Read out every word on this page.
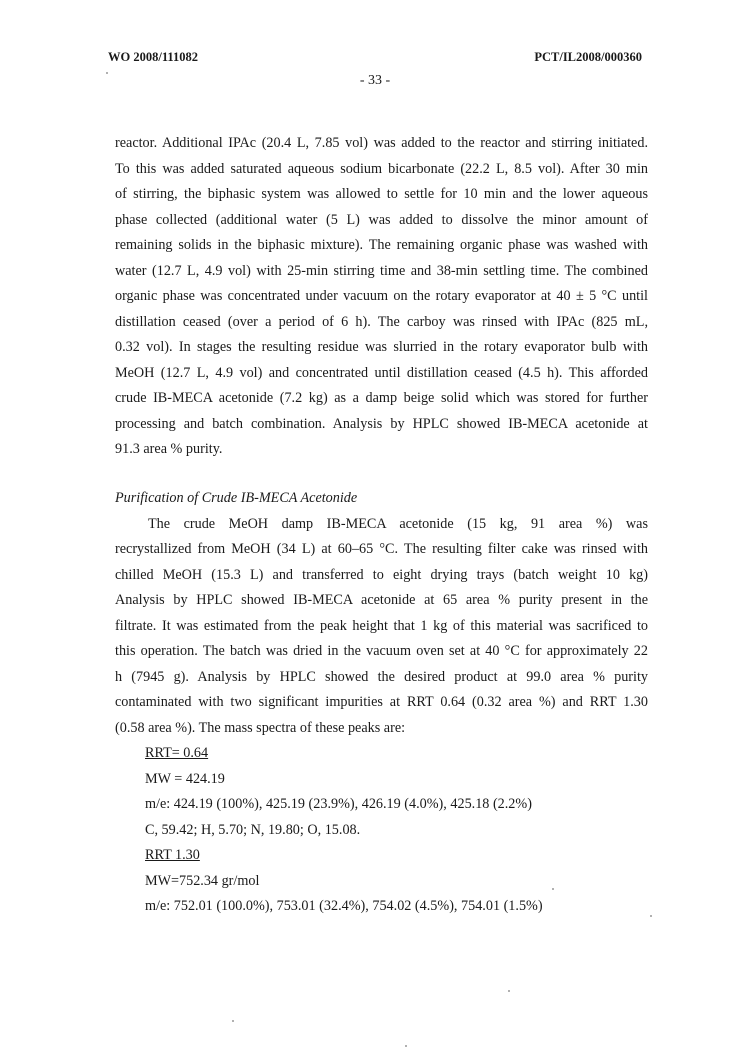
WO 2008/111082	PCT/IL2008/000360
- 33 -
reactor. Additional IPAc (20.4 L, 7.85 vol) was added to the reactor and stirring initiated.
To this was added saturated aqueous sodium bicarbonate (22.2 L, 8.5 vol). After 30 min
of stirring, the biphasic system was allowed to settle for 10 min and the lower aqueous
phase collected (additional water (5 L) was added to dissolve the minor amount of
remaining solids in the biphasic mixture). The remaining organic phase was washed with
water (12.7 L, 4.9 vol) with 25-min stirring time and 38-min settling time. The combined
organic phase was concentrated under vacuum on the rotary evaporator at 40 ± 5 °C until
distillation ceased (over a period of 6 h). The carboy was rinsed with IPAc (825 mL,
0.32 vol). In stages the resulting residue was slurried in the rotary evaporator bulb with
MeOH (12.7 L, 4.9 vol) and concentrated until distillation ceased (4.5 h). This afforded
crude IB-MECA acetonide (7.2 kg) as a damp beige solid which was stored for further
processing and batch combination. Analysis by HPLC showed IB-MECA acetonide at
91.3 area % purity.
Purification of Crude IB-MECA Acetonide
The crude MeOH damp IB-MECA acetonide (15 kg, 91 area %) was
recrystallized from MeOH (34 L) at 60–65 °C. The resulting filter cake was rinsed with
chilled MeOH (15.3 L) and transferred to eight drying trays (batch weight 10 kg)
Analysis by HPLC showed IB-MECA acetonide at 65 area % purity present in the
filtrate. It was estimated from the peak height that 1 kg of this material was sacrificed to
this operation. The batch was dried in the vacuum oven set at 40 °C for approximately 22
h (7945 g). Analysis by HPLC showed the desired product at 99.0 area % purity
contaminated with two significant impurities at RRT 0.64 (0.32 area %) and RRT 1.30
(0.58 area %). The mass spectra of these peaks are:
RRT= 0.64
MW = 424.19
m/e: 424.19 (100%), 425.19 (23.9%), 426.19 (4.0%), 425.18 (2.2%)
C, 59.42; H, 5.70; N, 19.80; O, 15.08.
RRT 1.30
MW=752.34 gr/mol
m/e: 752.01 (100.0%), 753.01 (32.4%), 754.02 (4.5%), 754.01 (1.5%)
